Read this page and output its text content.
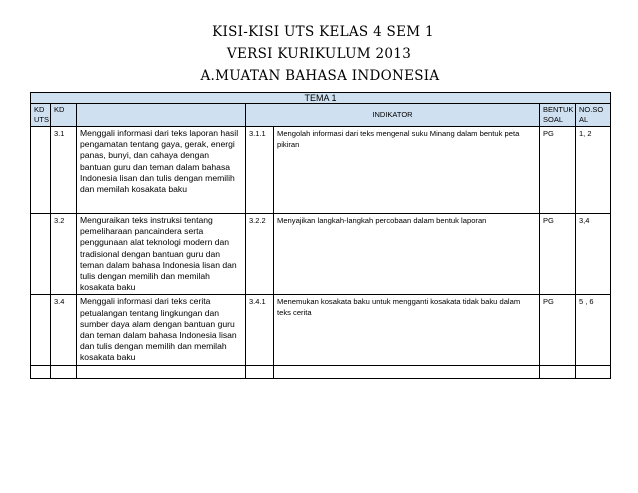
KISI-KISI UTS KELAS 4 SEM 1
VERSI KURIKULUM 2013
A.MUATAN BAHASA INDONESIA
TEMA 1						
KD UTS	KD		INDIKATOR		BENTUK SOAL	NO.SO AL
	3.1	Menggali informasi dari teks laporan hasil pengamatan tentang gaya, gerak, energi panas, bunyi, dan cahaya dengan bantuan guru dan teman dalam bahasa Indonesia lisan dan tulis dengan memilih dan memilah kosakata baku	3.1.1	Mengolah informasi dari teks mengenal suku Minang dalam bentuk peta pikiran	PG	1, 2
	3.2	Menguraikan teks instruksi tentang pemeliharaan pancaindera serta penggunaan alat teknologi modern dan tradisional dengan bantuan guru dan teman dalam bahasa Indonesia lisan dan tulis dengan memilih dan memilah kosakata baku	3.2.2	Menyajikan langkah-langkah percobaan dalam bentuk laporan	PG	3,4
	3.4	Menggali informasi dari teks cerita petualangan tentang lingkungan dan sumber daya alam dengan bantuan guru dan teman dalam bahasa Indonesia lisan dan tulis dengan memilih dan memilah kosakata baku	3.4.1	Menemukan kosakata baku untuk mengganti kosakata tidak baku dalam teks cerita	PG	5 , 6
